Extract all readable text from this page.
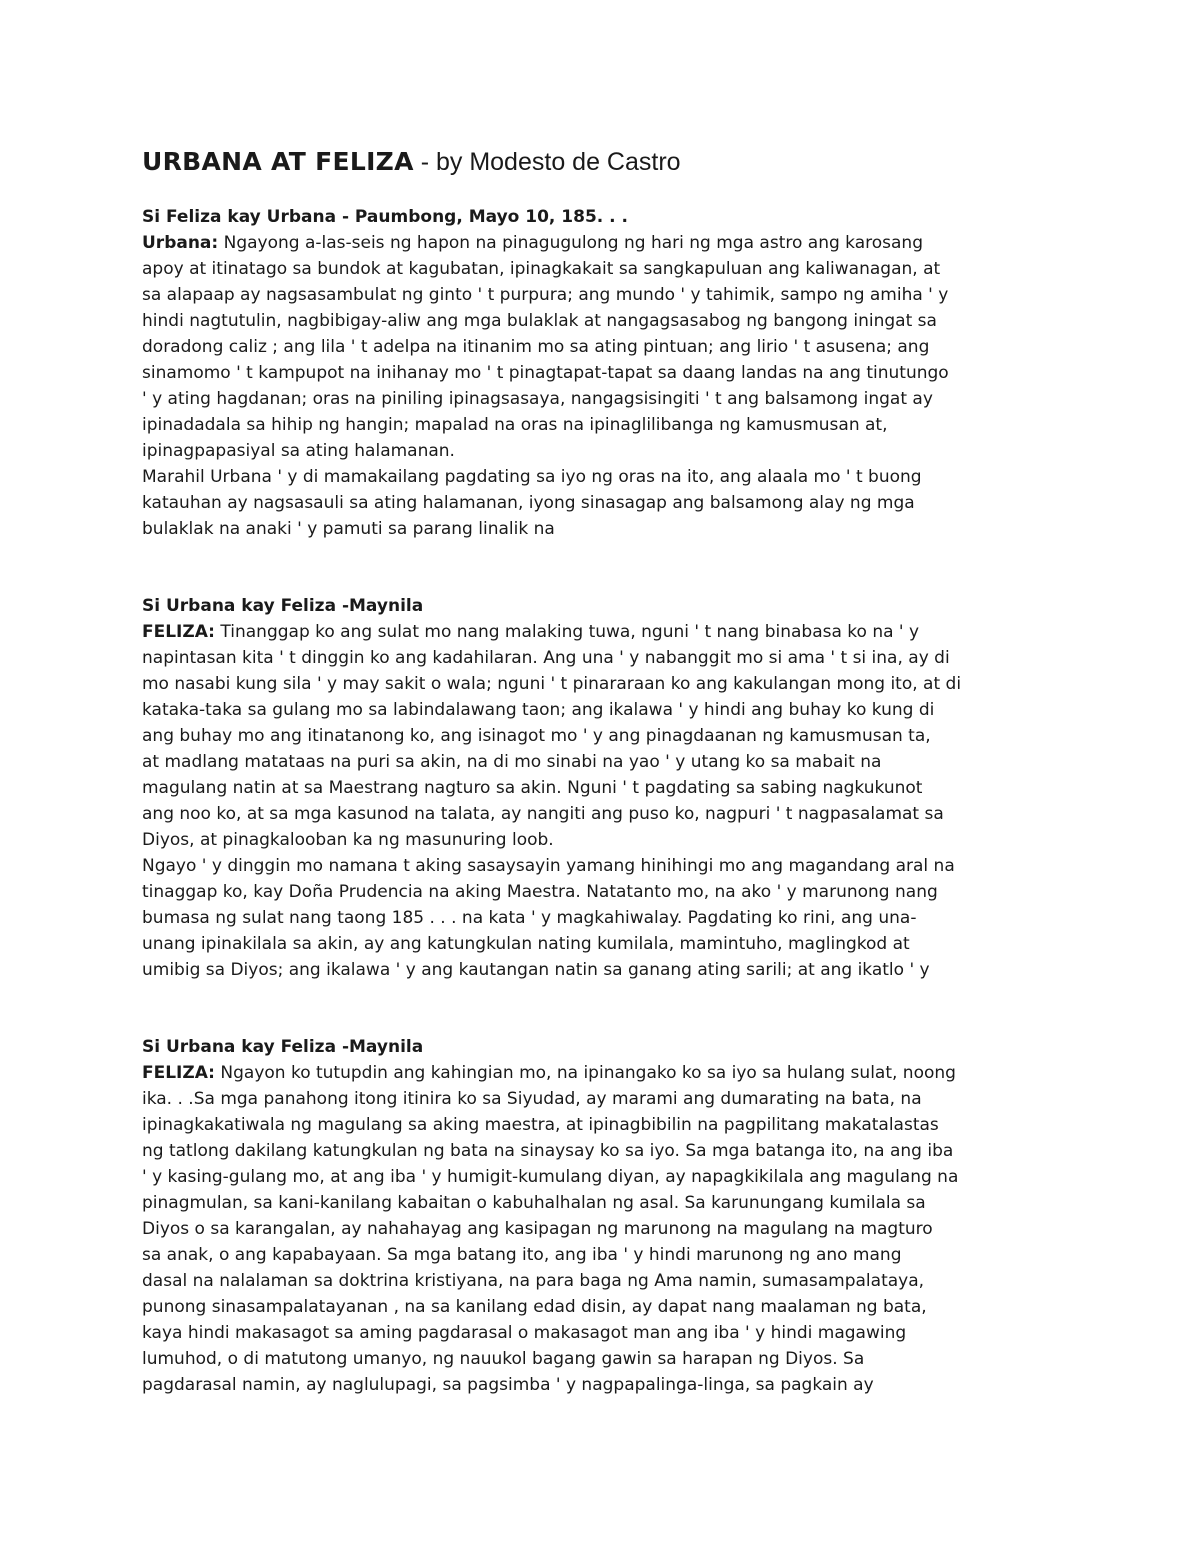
URBANA AT FELIZA - by Modesto de Castro

Si Feliza kay Urbana - Paumbong, Mayo 10, 185. . .

Urbana: Ngayong a-las-seis ng hapon na pinagugulong ng hari ng mga astro ang karosang
apoy at itinatago sa bundok at kagubatan, ipinagkakait sa sangkapuluan ang kaliwanagan, at
sa alapaap ay nagsasambulat ng ginto ' t purpura; ang mundo ' y tahimik, sampo ng amiha ' y
hindi nagtutulin, nagbibigay-aliw ang mga bulaklak at nangagsasabog ng bangong iningat sa
doradong caliz ; ang lila ' t adelpa na itinanim mo sa ating pintuan; ang lirio ' t asusena; ang
sinamomo ' t kampupot na inihanay mo ' t pinagtapat-tapat sa daang landas na ang tinutungo
' y ating hagdanan; oras na piniling ipinagsasaya, nangagsisingiti ' t ang balsamong ingat ay
ipinadadala sa hihip ng hangin; mapalad na oras na ipinaglilibanga ng kamusmusan at,
ipinagpapasiyal sa ating halamanan.
Marahil Urbana ' y di mamakailang pagdating sa iyo ng oras na ito, ang alaala mo ' t buong
katauhan ay nagsasauli sa ating halamanan, iyong sinasagap ang balsamong alay ng mga
bulaklak na anaki ' y pamuti sa parang linalik na

Si Urbana kay Feliza -Maynila

FELIZA: Tinanggap ko ang sulat mo nang malaking tuwa, nguni ' t nang binabasa ko na ' y
napintasan kita ' t dinggin ko ang kadahilaran. Ang una ' y nabanggit mo si ama ' t si ina, ay di
mo nasabi kung sila ' y may sakit o wala; nguni ' t pinararaan ko ang kakulangan mong ito, at di
kataka-taka sa gulang mo sa labindalawang taon; ang ikalawa ' y hindi ang buhay ko kung di
ang buhay mo ang itinatanong ko, ang isinagot mo ' y ang pinagdaanan ng kamusmusan ta,
at madlang matataas na puri sa akin, na di mo sinabi na yao ' y utang ko sa mabait na
magulang natin at sa Maestrang nagturo sa akin. Nguni ' t pagdating sa sabing nagkukunot
ang noo ko, at sa mga kasunod na talata, ay nangiti ang puso ko, nagpuri ' t nagpasalamat sa
Diyos, at pinagkalooban ka ng masunuring loob.
Ngayo ' y dinggin mo namana t aking sasaysayin yamang hinihingi mo ang magandang aral na
tinaggap ko, kay Doña Prudencia na aking Maestra. Natatanto mo, na ako ' y marunong nang
bumasa ng sulat nang taong 185 . . . na kata ' y magkahiwalay. Pagdating ko rini, ang una-
unang ipinakilala sa akin, ay ang katungkulan nating kumilala, mamintuho, maglingkod at
umibig sa Diyos; ang ikalawa ' y ang kautangan natin sa ganang ating sarili; at ang ikatlo ' y

Si Urbana kay Feliza -Maynila

FELIZA: Ngayon ko tutupdin ang kahingian mo, na ipinangako ko sa iyo sa hulang sulat, noong
ika. . .Sa mga panahong itong itinira ko sa Siyudad, ay marami ang dumarating na bata, na
ipinagkakatiwala ng magulang sa aking maestra, at ipinagbibilin na pagpilitang makatalastas
ng tatlong dakilang katungkulan ng bata na sinaysay ko sa iyo. Sa mga batanga ito, na ang iba
' y kasing-gulang mo, at ang iba ' y humigit-kumulang diyan, ay napagkikilala ang magulang na
pinagmulan, sa kani-kanilang kabaitan o kabuhalhalan ng asal. Sa karunungang kumilala sa
Diyos o sa karangalan, ay nahahayag ang kasipagan ng marunong na magulang na magturo
sa anak, o ang kapabayaan. Sa mga batang ito, ang iba ' y hindi marunong ng ano mang
dasal na nalalaman sa doktrina kristiyana, na para baga ng Ama namin, sumasampalataya,
punong sinasampalatayanan , na sa kanilang edad disin, ay dapat nang maalaman ng bata,
kaya hindi makasagot sa aming pagdarasal o makasagot man ang iba ' y hindi magawing
lumuhod, o di matutong umanyo, ng nauukol bagang gawin sa harapan ng Diyos. Sa
pagdarasal namin, ay naglulupagi, sa pagsimba ' y nagpapalinga-linga, sa pagkain ay
